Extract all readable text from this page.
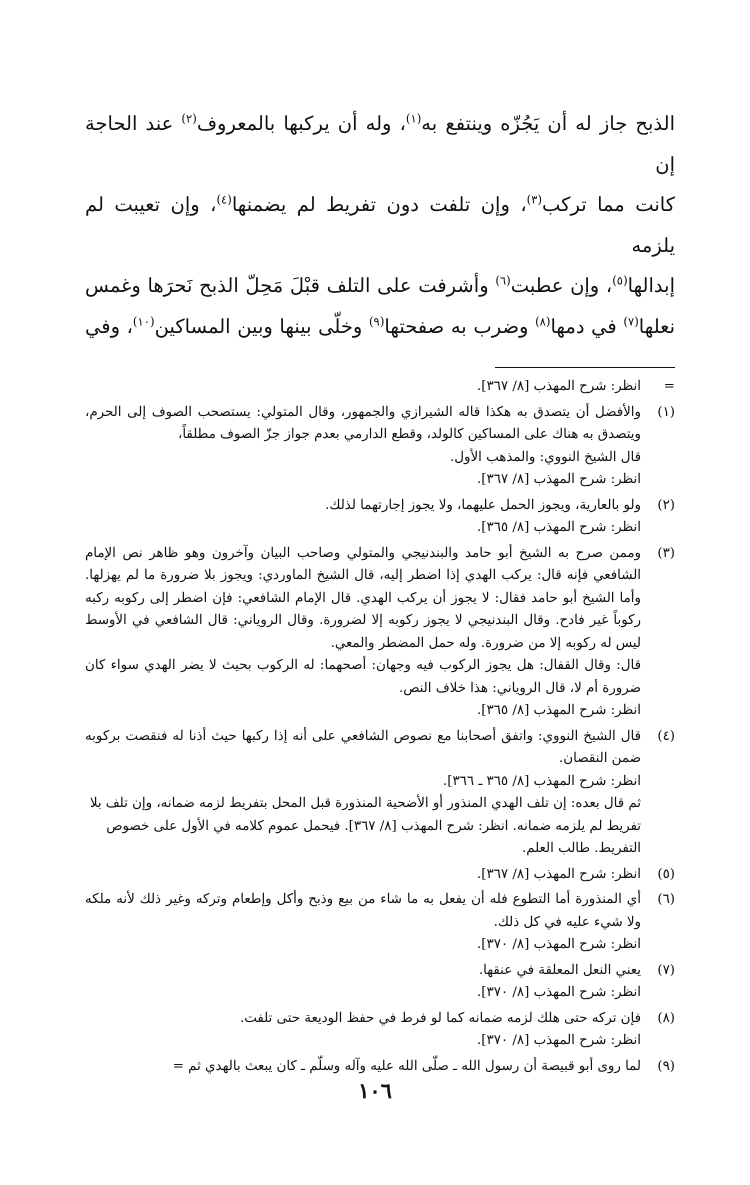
الذبح جاز له أن يَجُزّه وينتفع به$^{(١)}$، وله أن يركبها بالمعروف$^{(٢)}$ عند الحاجة إن

كانت مما تركب$^{(٣)}$، وإن تلفت دون تفريط لم يضمنها$^{(٤)}$، وإن تعيبت لم يلزمه

إبدالها$^{(٥)}$، وإن عطبت$^{(٦)}$ وأشرفت على التلف قبْلَ مَحِلّ الذبح نَحرَها وغمس

نعلها$^{(٧)}$ في دمها$^{(٨)}$ وضرب به صفحتها$^{(٩)}$ وخلّى بينها وبين المساكين$^{(١٠)}$، وفي

=

انظر: شرح المهذب [٨/ ٣٦٧].

(١)

والأفضل أن يتصدق به هكذا قاله الشيرازي والجمهور، وقال المتولي: يستصحب الصوف إلى الحرم، ويتصدق به هناك على المساكين كالولد، وقطع الدارمي بعدم جواز جزّ الصوف مطلقاً،

قال الشيخ النووي: والمذهب الأول.

انظر: شرح المهذب [٨/ ٣٦٧].

(٢)

ولو بالعارية، ويجوز الحمل عليهما، ولا يجوز إجارتهما لذلك.

انظر: شرح المهذب [٨/ ٣٦٥].

(٣)

وممن صرح به الشيخ أبو حامد والبندنيجي والمتولي وصاحب البيان وآخرون وهو ظاهر نص الإمام الشافعي فإنه قال: يركب الهدي إذا اضطر إليه، قال الشيخ الماوردي: ويجوز بلا ضرورة ما لم يهزلها. وأما الشيخ أبو حامد فقال: لا يجوز أن يركب الهدي. قال الإمام الشافعي: فإن اضطر إلى ركوبه ركبه ركوباً غير فادح. وقال البندنيجي لا يجوز ركوبه إلا لضرورة. وقال الروياني: قال الشافعي في الأوسط ليس له ركوبه إلا من ضرورة. وله حمل المضطر والمعي.

قال: وقال القفال: هل يجوز الركوب فيه وجهان: أصحهما: له الركوب بحيث لا يضر الهدي سواء كان ضرورة أم لا، قال الروياني: هذا خلاف النص.

انظر: شرح المهذب [٨/ ٣٦٥].

(٤)

قال الشيخ النووي: واتفق أصحابنا مع نصوص الشافعي على أنه إذا ركبها حيث أذنا له فنقصت بركوبه ضمن النقصان.

انظر: شرح المهذب [٨/ ٣٦٥ ـ ٣٦٦].

ثم قال بعده: إن تلف الهدي المنذور أو الأضحية المنذورة قبل المحل بتفريط لزمه ضمانه، وإن تلف بلا تفريط لم يلزمه ضمانه. انظر: شرح المهذب [٨/ ٣٦٧]. فيحمل عموم كلامه في الأول على خصوص التفريط. طالب العلم.

(٥)

انظر: شرح المهذب [٨/ ٣٦٧].

(٦)

أي المنذورة أما التطوع فله أن يفعل به ما شاء من بيع وذبح وأكل وإطعام وتركه وغير ذلك لأنه ملكه ولا شيء عليه في كل ذلك.

انظر: شرح المهذب [٨/ ٣٧٠].

(٧)

يعني النعل المعلقة في عنقها.

انظر: شرح المهذب [٨/ ٣٧٠].

(٨)

فإن تركه حتى هلك لزمه ضمانه كما لو فرط في حفظ الوديعة حتى تلفت.

انظر: شرح المهذب [٨/ ٣٧٠].

(٩)

لما روى أبو قبيصة أن رسول الله ـ صلّى الله عليه وآله وسلّم ـ كان يبعث بالهدي ثم =

١٠٦
